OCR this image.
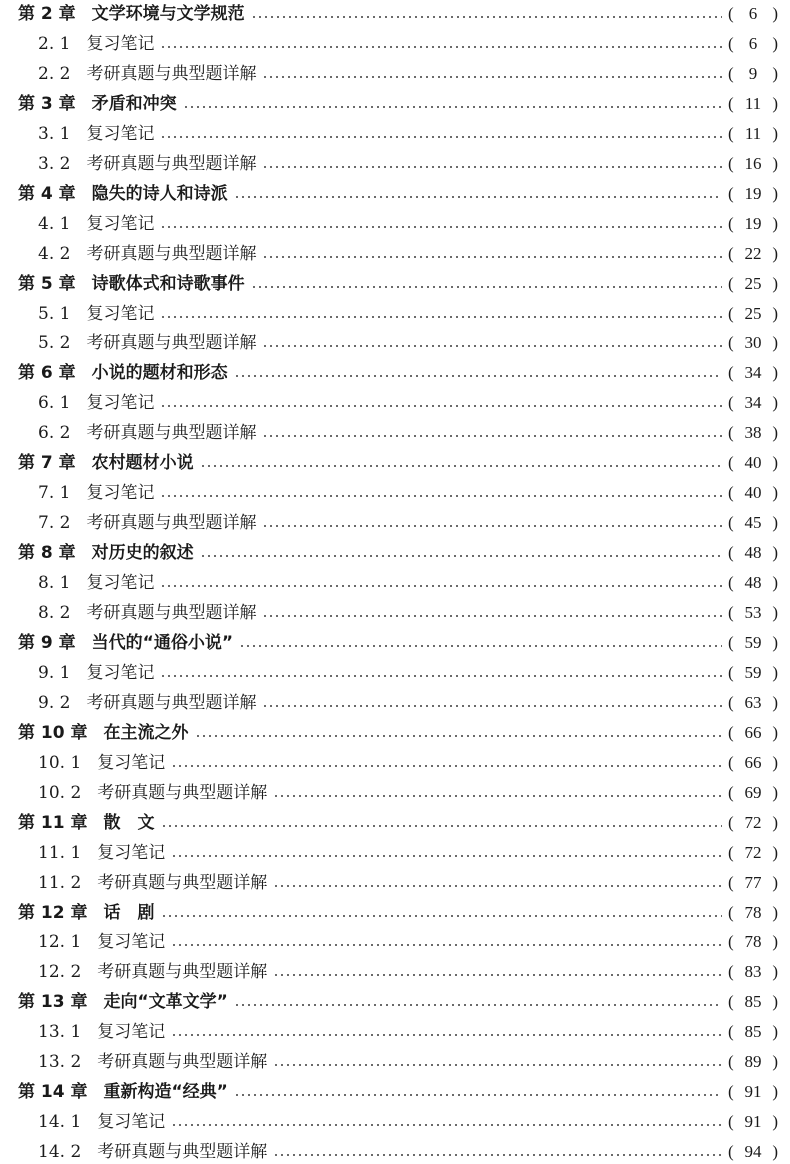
第 2 章 文学环境与文学规范	( 6 )
2. 1 复习笔记	( 6 )
2. 2 考研真题与典型题详解	( 9 )
第 3 章 矛盾和冲突	( 11 )
3. 1 复习笔记	( 11 )
3. 2 考研真题与典型题详解	( 16 )
第 4 章 隐失的诗人和诗派	( 19 )
4. 1 复习笔记	( 19 )
4. 2 考研真题与典型题详解	( 22 )
第 5 章 诗歌体式和诗歌事件	( 25 )
5. 1 复习笔记	( 25 )
5. 2 考研真题与典型题详解	( 30 )
第 6 章 小说的题材和形态	( 34 )
6. 1 复习笔记	( 34 )
6. 2 考研真题与典型题详解	( 38 )
第 7 章 农村题材小说	( 40 )
7. 1 复习笔记	( 40 )
7. 2 考研真题与典型题详解	( 45 )
第 8 章 对历史的叙述	( 48 )
8. 1 复习笔记	( 48 )
8. 2 考研真题与典型题详解	( 53 )
第 9 章 当代的“通俗小说”	( 59 )
9. 1 复习笔记	( 59 )
9. 2 考研真题与典型题详解	( 63 )
第 10 章 在主流之外	( 66 )
10. 1 复习笔记	( 66 )
10. 2 考研真题与典型题详解	( 69 )
第 11 章 散　文	( 72 )
11. 1 复习笔记	( 72 )
11. 2 考研真题与典型题详解	( 77 )
第 12 章 话　剧	( 78 )
12. 1 复习笔记	( 78 )
12. 2 考研真题与典型题详解	( 83 )
第 13 章 走向“文革文学”	( 85 )
13. 1 复习笔记	( 85 )
13. 2 考研真题与典型题详解	( 89 )
第 14 章 重新构造“经典”	( 91 )
14. 1 复习笔记	( 91 )
14. 2 考研真题与典型题详解	( 94 )
